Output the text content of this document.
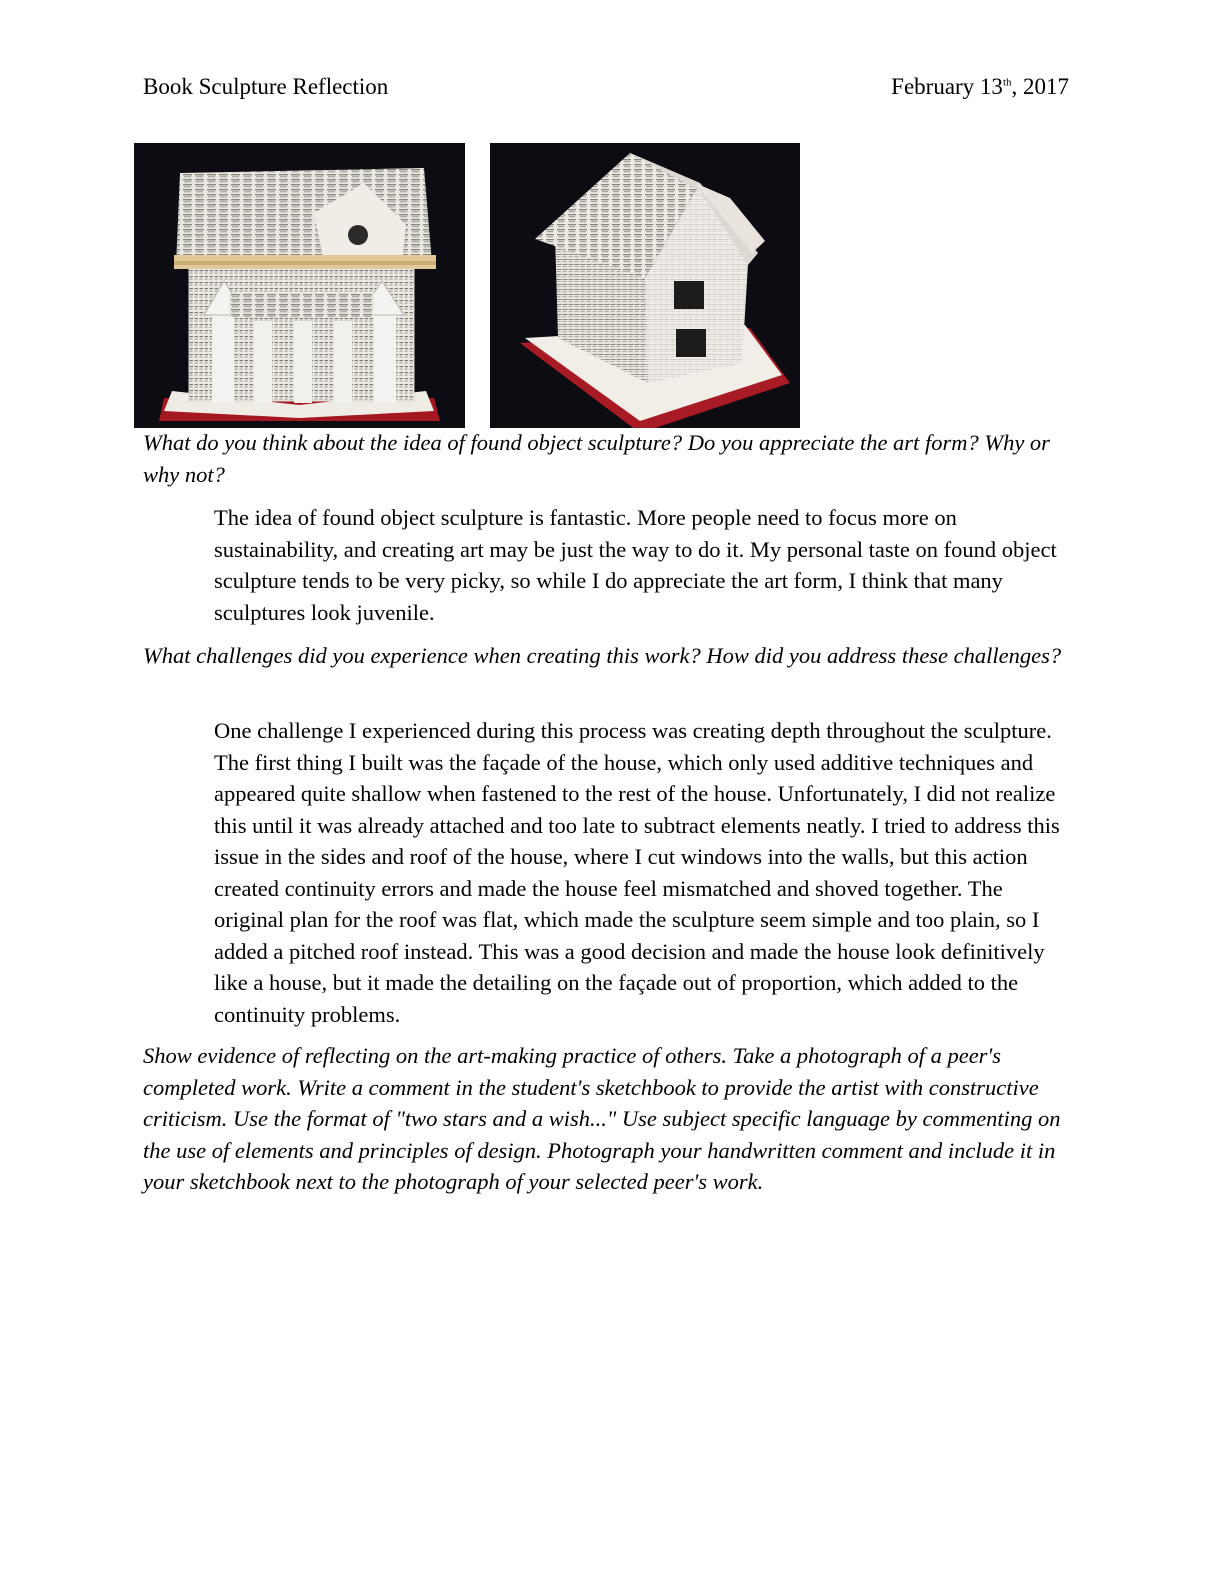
Book Sculpture Reflection	February 13th, 2017

What do you think about the idea of found object sculpture? Do you appreciate the art form? Why or why not?

The idea of found object sculpture is fantastic. More people need to focus more on sustainability, and creating art may be just the way to do it. My personal taste on found object sculpture tends to be very picky, so while I do appreciate the art form, I think that many sculptures look juvenile.

What challenges did you experience when creating this work? How did you address these challenges?

One challenge I experienced during this process was creating depth throughout the sculpture. The first thing I built was the façade of the house, which only used additive techniques and appeared quite shallow when fastened to the rest of the house. Unfortunately, I did not realize this until it was already attached and too late to subtract elements neatly. I tried to address this issue in the sides and roof of the house, where I cut windows into the walls, but this action created continuity errors and made the house feel mismatched and shoved together. The original plan for the roof was flat, which made the sculpture seem simple and too plain, so I added a pitched roof instead. This was a good decision and made the house look definitively like a house, but it made the detailing on the façade out of proportion, which added to the continuity problems.

Show evidence of reflecting on the art-making practice of others. Take a photograph of a peer's completed work. Write a comment in the student's sketchbook to provide the artist with constructive criticism. Use the format of "two stars and a wish..." Use subject specific language by commenting on the use of elements and principles of design. Photograph your handwritten comment and include it in your sketchbook next to the photograph of your selected peer's work.
